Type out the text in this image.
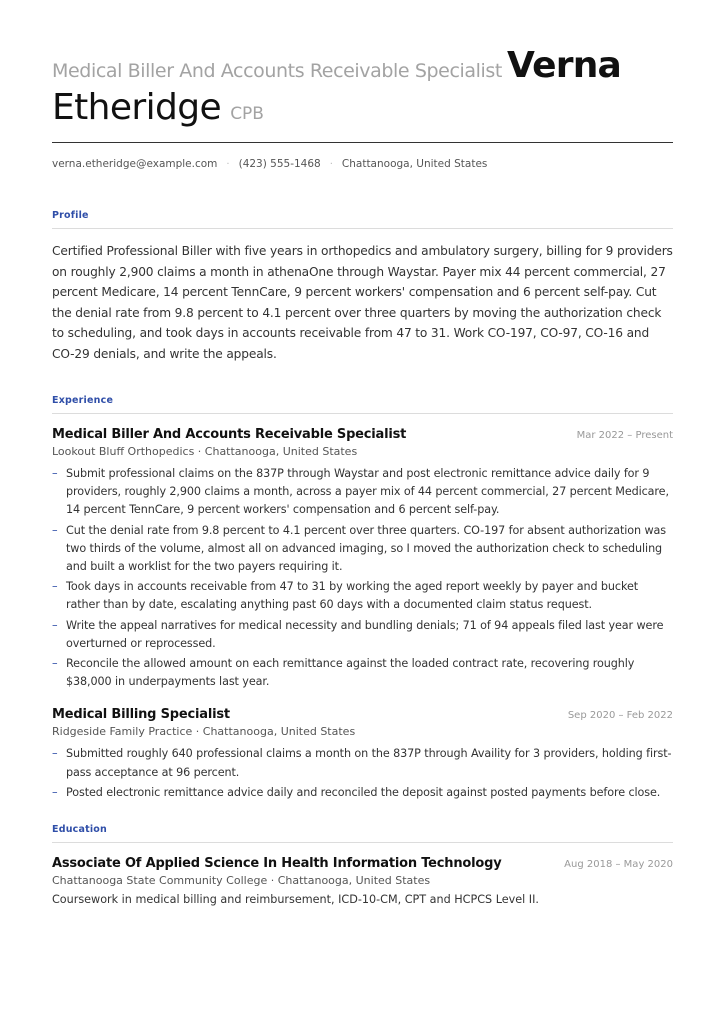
Medical Biller And Accounts Receivable Specialist Verna
Etheridge CPB
verna.etheridge@example.com · (423) 555-1468 · Chattanooga, United States
Profile
Certified Professional Biller with five years in orthopedics and ambulatory surgery, billing for 9 providers on roughly 2,900 claims a month in athenaOne through Waystar. Payer mix 44 percent commercial, 27 percent Medicare, 14 percent TennCare, 9 percent workers' compensation and 6 percent self-pay. Cut the denial rate from 9.8 percent to 4.1 percent over three quarters by moving the authorization check to scheduling, and took days in accounts receivable from 47 to 31. Work CO-197, CO-97, CO-16 and CO-29 denials, and write the appeals.
Experience
Medical Biller And Accounts Receivable Specialist	Mar 2022 – Present
Lookout Bluff Orthopedics · Chattanooga, United States
– Submit professional claims on the 837P through Waystar and post electronic remittance advice daily for 9 providers, roughly 2,900 claims a month, across a payer mix of 44 percent commercial, 27 percent Medicare, 14 percent TennCare, 9 percent workers' compensation and 6 percent self-pay.
– Cut the denial rate from 9.8 percent to 4.1 percent over three quarters. CO-197 for absent authorization was two thirds of the volume, almost all on advanced imaging, so I moved the authorization check to scheduling and built a worklist for the two payers requiring it.
– Took days in accounts receivable from 47 to 31 by working the aged report weekly by payer and bucket rather than by date, escalating anything past 60 days with a documented claim status request.
– Write the appeal narratives for medical necessity and bundling denials; 71 of 94 appeals filed last year were overturned or reprocessed.
– Reconcile the allowed amount on each remittance against the loaded contract rate, recovering roughly $38,000 in underpayments last year.
Medical Billing Specialist	Sep 2020 – Feb 2022
Ridgeside Family Practice · Chattanooga, United States
– Submitted roughly 640 professional claims a month on the 837P through Availity for 3 providers, holding first-pass acceptance at 96 percent.
– Posted electronic remittance advice daily and reconciled the deposit against posted payments before close.
Education
Associate Of Applied Science In Health Information Technology	Aug 2018 – May 2020
Chattanooga State Community College · Chattanooga, United States
Coursework in medical billing and reimbursement, ICD-10-CM, CPT and HCPCS Level II.
